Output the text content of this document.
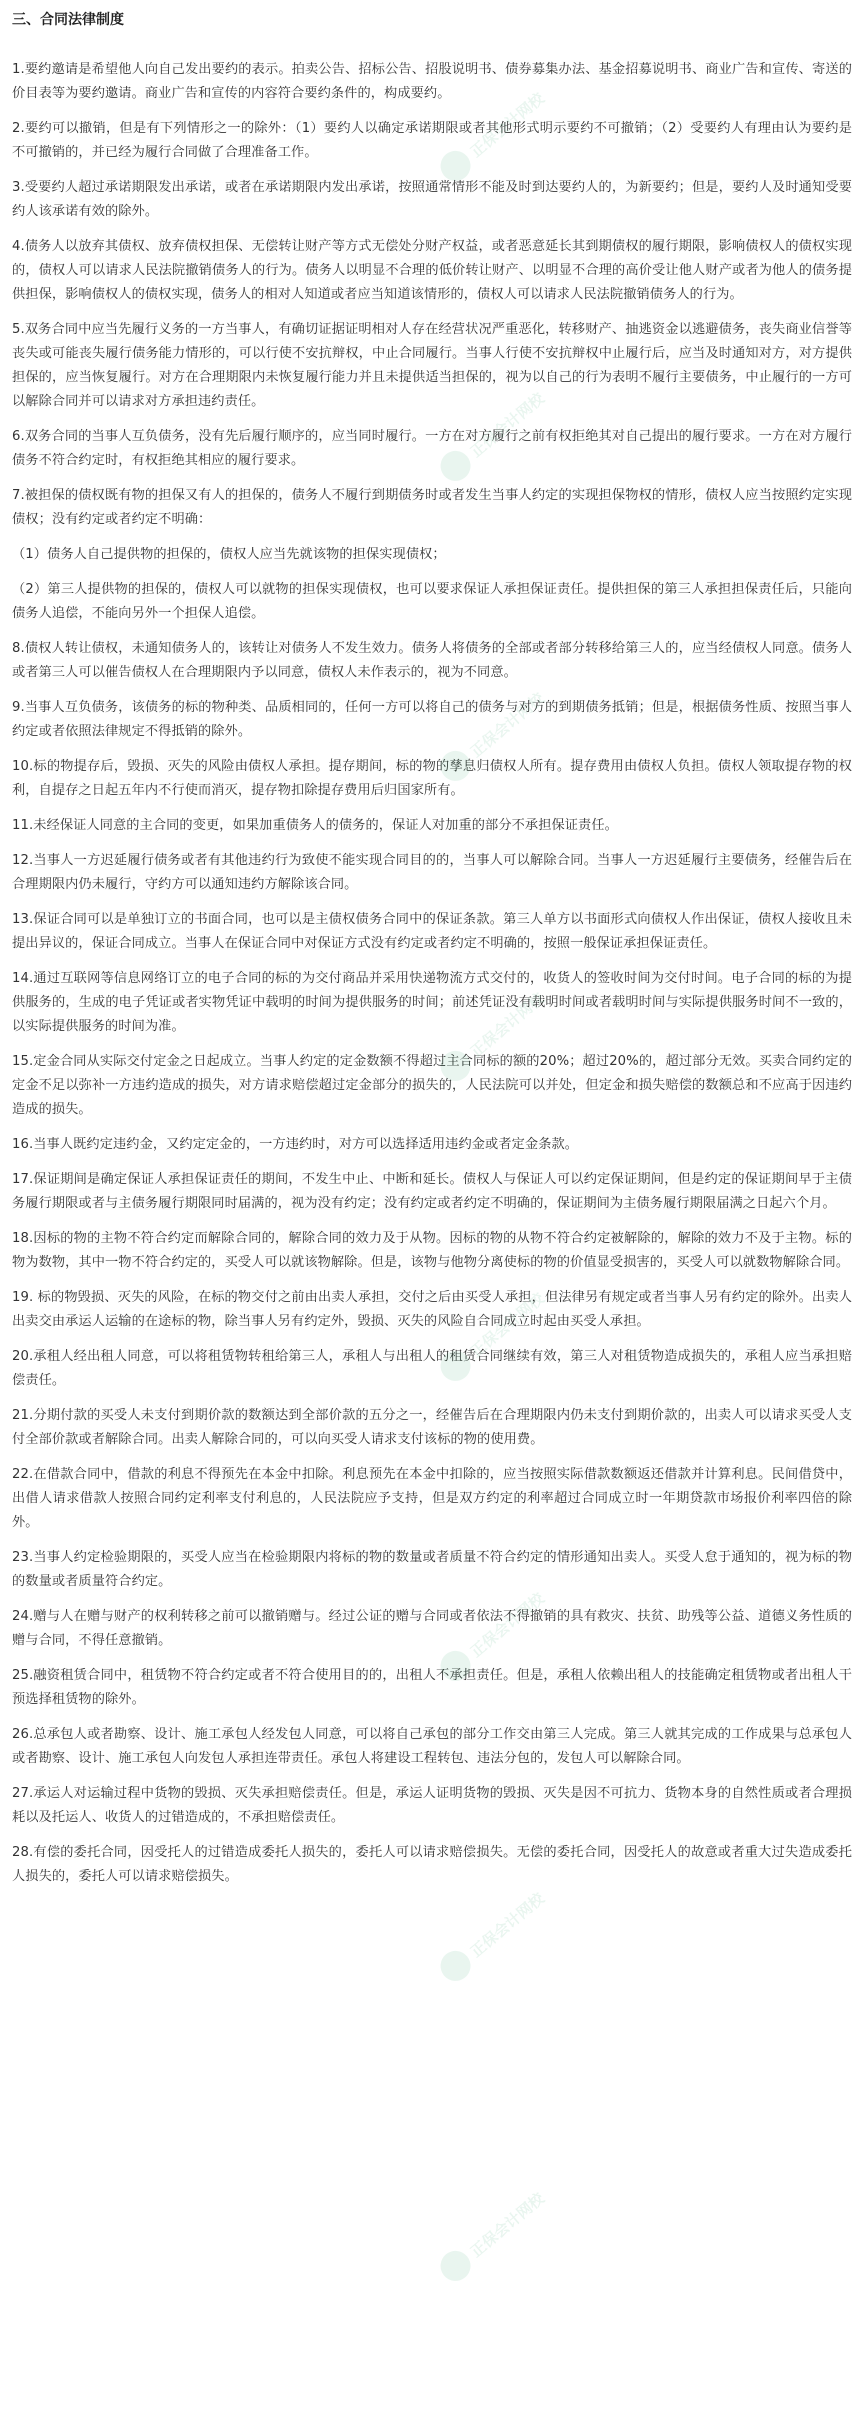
三、合同法律制度

1.要约邀请是希望他人向自己发出要约的表示。拍卖公告、招标公告、招股说明书、债券募集办法、基金招募说明书、商业广告和宣传、寄送的价目表等为要约邀请。商业广告和宣传的内容符合要约条件的，构成要约。

2.要约可以撤销，但是有下列情形之一的除外：（1）要约人以确定承诺期限或者其他形式明示要约不可撤销；（2）受要约人有理由认为要约是不可撤销的，并已经为履行合同做了合理准备工作。

3.受要约人超过承诺期限发出承诺，或者在承诺期限内发出承诺，按照通常情形不能及时到达要约人的，为新要约；但是，要约人及时通知受要约人该承诺有效的除外。

4.债务人以放弃其债权、放弃债权担保、无偿转让财产等方式无偿处分财产权益，或者恶意延长其到期债权的履行期限，影响债权人的债权实现的，债权人可以请求人民法院撤销债务人的行为。债务人以明显不合理的低价转让财产、以明显不合理的高价受让他人财产或者为他人的债务提供担保，影响债权人的债权实现，债务人的相对人知道或者应当知道该情形的，债权人可以请求人民法院撤销债务人的行为。

5.双务合同中应当先履行义务的一方当事人，有确切证据证明相对人存在经营状况严重恶化，转移财产、抽逃资金以逃避债务，丧失商业信誉等丧失或可能丧失履行债务能力情形的，可以行使不安抗辩权，中止合同履行。当事人行使不安抗辩权中止履行后，应当及时通知对方，对方提供担保的，应当恢复履行。对方在合理期限内未恢复履行能力并且未提供适当担保的，视为以自己的行为表明不履行主要债务，中止履行的一方可以解除合同并可以请求对方承担违约责任。

6.双务合同的当事人互负债务，没有先后履行顺序的，应当同时履行。一方在对方履行之前有权拒绝其对自己提出的履行要求。一方在对方履行债务不符合约定时，有权拒绝其相应的履行要求。

7.被担保的债权既有物的担保又有人的担保的，债务人不履行到期债务时或者发生当事人约定的实现担保物权的情形，债权人应当按照约定实现债权；没有约定或者约定不明确：

（1）债务人自己提供物的担保的，债权人应当先就该物的担保实现债权；

（2）第三人提供物的担保的，债权人可以就物的担保实现债权，也可以要求保证人承担保证责任。提供担保的第三人承担担保责任后，只能向债务人追偿，不能向另外一个担保人追偿。

8.债权人转让债权，未通知债务人的，该转让对债务人不发生效力。债务人将债务的全部或者部分转移给第三人的，应当经债权人同意。债务人或者第三人可以催告债权人在合理期限内予以同意，债权人未作表示的，视为不同意。

9.当事人互负债务，该债务的标的物种类、品质相同的，任何一方可以将自己的债务与对方的到期债务抵销；但是，根据债务性质、按照当事人约定或者依照法律规定不得抵销的除外。

10.标的物提存后，毁损、灭失的风险由债权人承担。提存期间，标的物的孳息归债权人所有。提存费用由债权人负担。债权人领取提存物的权利，自提存之日起五年内不行使而消灭，提存物扣除提存费用后归国家所有。

11.未经保证人同意的主合同的变更，如果加重债务人的债务的，保证人对加重的部分不承担保证责任。

12.当事人一方迟延履行债务或者有其他违约行为致使不能实现合同目的的，当事人可以解除合同。当事人一方迟延履行主要债务，经催告后在合理期限内仍未履行，守约方可以通知违约方解除该合同。

13.保证合同可以是单独订立的书面合同，也可以是主债权债务合同中的保证条款。第三人单方以书面形式向债权人作出保证，债权人接收且未提出异议的，保证合同成立。当事人在保证合同中对保证方式没有约定或者约定不明确的，按照一般保证承担保证责任。

14.通过互联网等信息网络订立的电子合同的标的为交付商品并采用快递物流方式交付的，收货人的签收时间为交付时间。电子合同的标的为提供服务的，生成的电子凭证或者实物凭证中载明的时间为提供服务的时间；前述凭证没有载明时间或者载明时间与实际提供服务时间不一致的，以实际提供服务的时间为准。

15.定金合同从实际交付定金之日起成立。当事人约定的定金数额不得超过主合同标的额的20%；超过20%的，超过部分无效。买卖合同约定的定金不足以弥补一方违约造成的损失，对方请求赔偿超过定金部分的损失的，人民法院可以并处，但定金和损失赔偿的数额总和不应高于因违约造成的损失。

16.当事人既约定违约金，又约定定金的，一方违约时，对方可以选择适用违约金或者定金条款。

17.保证期间是确定保证人承担保证责任的期间，不发生中止、中断和延长。债权人与保证人可以约定保证期间，但是约定的保证期间早于主债务履行期限或者与主债务履行期限同时届满的，视为没有约定；没有约定或者约定不明确的，保证期间为主债务履行期限届满之日起六个月。

18.因标的物的主物不符合约定而解除合同的，解除合同的效力及于从物。因标的物的从物不符合约定被解除的，解除的效力不及于主物。标的物为数物，其中一物不符合约定的，买受人可以就该物解除。但是，该物与他物分离使标的物的价值显受损害的，买受人可以就数物解除合同。

19. 标的物毁损、灭失的风险，在标的物交付之前由出卖人承担，交付之后由买受人承担，但法律另有规定或者当事人另有约定的除外。出卖人出卖交由承运人运输的在途标的物，除当事人另有约定外，毁损、灭失的风险自合同成立时起由买受人承担。

20.承租人经出租人同意，可以将租赁物转租给第三人，承租人与出租人的租赁合同继续有效，第三人对租赁物造成损失的，承租人应当承担赔偿责任。

21.分期付款的买受人未支付到期价款的数额达到全部价款的五分之一，经催告后在合理期限内仍未支付到期价款的，出卖人可以请求买受人支付全部价款或者解除合同。出卖人解除合同的，可以向买受人请求支付该标的物的使用费。

22.在借款合同中，借款的利息不得预先在本金中扣除。利息预先在本金中扣除的，应当按照实际借款数额返还借款并计算利息。民间借贷中，出借人请求借款人按照合同约定利率支付利息的，人民法院应予支持，但是双方约定的利率超过合同成立时一年期贷款市场报价利率四倍的除外。

23.当事人约定检验期限的，买受人应当在检验期限内将标的物的数量或者质量不符合约定的情形通知出卖人。买受人怠于通知的，视为标的物的数量或者质量符合约定。

24.赠与人在赠与财产的权利转移之前可以撤销赠与。经过公证的赠与合同或者依法不得撤销的具有救灾、扶贫、助残等公益、道德义务性质的赠与合同，不得任意撤销。

25.融资租赁合同中，租赁物不符合约定或者不符合使用目的的，出租人不承担责任。但是，承租人依赖出租人的技能确定租赁物或者出租人干预选择租赁物的除外。

26.总承包人或者勘察、设计、施工承包人经发包人同意，可以将自己承包的部分工作交由第三人完成。第三人就其完成的工作成果与总承包人或者勘察、设计、施工承包人向发包人承担连带责任。承包人将建设工程转包、违法分包的，发包人可以解除合同。

27.承运人对运输过程中货物的毁损、灭失承担赔偿责任。但是，承运人证明货物的毁损、灭失是因不可抗力、货物本身的自然性质或者合理损耗以及托运人、收货人的过错造成的，不承担赔偿责任。

28.有偿的委托合同，因受托人的过错造成委托人损失的，委托人可以请求赔偿损失。无偿的委托合同，因受托人的故意或者重大过失造成委托人损失的，委托人可以请求赔偿损失。

正保会计网校
正保会计网校
正保会计网校
正保会计网校
正保会计网校
正保会计网校
正保会计网校
正保会计网校
